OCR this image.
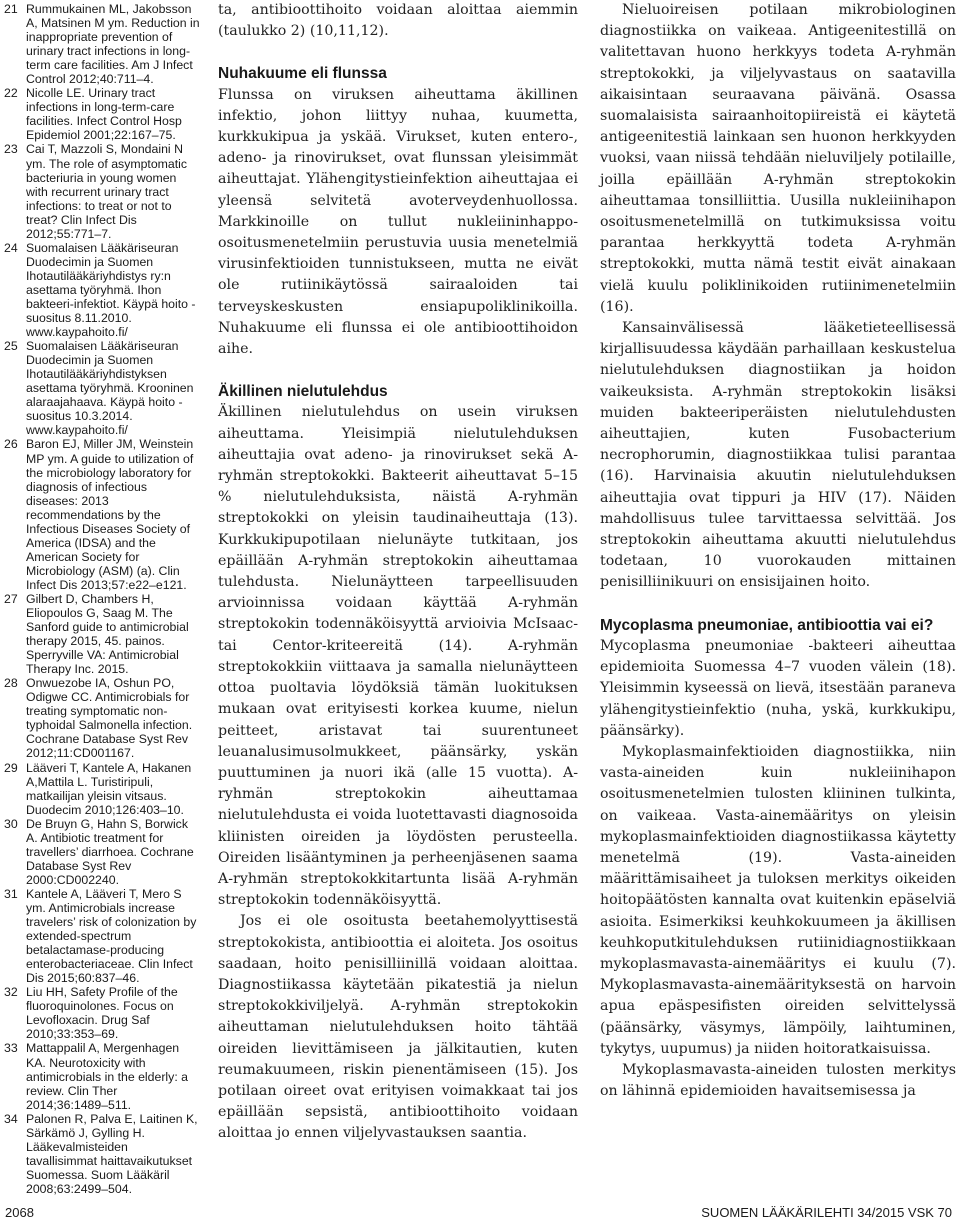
21 Rummukainen ML, Jakobsson A, Matsinen M ym. Reduction in inappropriate prevention of urinary tract infections in long-term care facilities. Am J Infect Control 2012;40:711–4.

22 Nicolle LE. Urinary tract infections in long-term-care facilities. Infect Control Hosp Epidemiol 2001;22:167–75.

23 Cai T, Mazzoli S, Mondaini N ym. The role of asymptomatic bacteriuria in young women with recurrent urinary tract infections: to treat or not to treat? Clin Infect Dis 2012;55:771–7.

24 Suomalaisen Lääkäriseuran Duodecimin ja Suomen Ihotautilääkäriyhdistys ry:n asettama työryhmä. Ihon bakteeri-infektiot. Käypä hoito -suositus 8.11.2010. www.kaypahoito.fi/

25 Suomalaisen Lääkäriseuran Duodecimin ja Suomen Ihotautilääkäriyhdistyksen asettama työryhmä. Krooninen alaraajahaava. Käypä hoito -suositus 10.3.2014. www.kaypahoito.fi/

26 Baron EJ, Miller JM, Weinstein MP ym. A guide to utilization of the microbiology laboratory for diagnosis of infectious diseases: 2013 recommendations by the Infectious Diseases Society of America (IDSA) and the American Society for Microbiology (ASM) (a). Clin Infect Dis 2013;57:e22–e121.

27 Gilbert D, Chambers H, Eliopoulos G, Saag M. The Sanford guide to antimicrobial therapy 2015, 45. painos. Sperryville VA: Antimicrobial Therapy Inc. 2015.

28 Onwuezobe IA, Oshun PO, Odigwe CC. Antimicrobials for treating symptomatic non-typhoidal Salmonella infection. Cochrane Database Syst Rev 2012;11:CD001167.

29 Lääveri T, Kantele A, Hakanen A,Mattila L. Turistiripuli, matkailijan yleisin vitsaus. Duodecim 2010;126:403–10.

30 De Bruyn G, Hahn S, Borwick A. Antibiotic treatment for travellers’ diarrhoea. Cochrane Database Syst Rev 2000:CD002240.

31 Kantele A, Lääveri T, Mero S ym. Antimicrobials increase travelers’ risk of colonization by extended-spectrum betalactamase-producing enterobacteriaceae. Clin Infect Dis 2015;60:837–46.

32 Liu HH, Safety Profile of the fluoroquinolones. Focus on Levofloxacin. Drug Saf 2010;33:353–69.

33 Mattappalil A, Mergenhagen KA. Neurotoxicity with antimicrobials in the elderly: a review. Clin Ther 2014;36:1489–511.

34 Palonen R, Palva E, Laitinen K, Särkämö J, Gylling H. Lääkevalmisteiden tavallisimmat haittavaikutukset Suomessa. Suom Lääkäril 2008;63:2499–504.

ta, antibioottihoito voidaan aloittaa aiemmin (taulukko 2) (10,11,12).

Nuhakuume eli flunssa

Flunssa on viruksen aiheuttama äkillinen infektio, johon liittyy nuhaa, kuumetta, kurkkukipua ja yskää. Virukset, kuten entero-, adeno- ja rinovirukset, ovat flunssan yleisimmät aiheuttajat. Ylähengitystieinfektion aiheuttajaa ei yleensä selvitetä avoterveydenhuollossa. Markkinoille on tullut nukleiininhappo-osoitusmenetelmiin perustuvia uusia menetelmiä virusinfektioiden tunnistukseen, mutta ne eivät ole rutiinikäytössä sairaaloiden tai terveyskeskusten ensiapupoliklinikoilla. Nuhakuume eli flunssa ei ole antibioottihoidon aihe.

Äkillinen nielutulehdus

Äkillinen nielutulehdus on usein viruksen aiheuttama. Yleisimpiä nielutulehduksen aiheuttajia ovat adeno- ja rinovirukset sekä A-ryhmän streptokokki. Bakteerit aiheuttavat 5–15 % nielutulehduksista, näistä A-ryhmän streptokokki on yleisin taudinaiheuttaja (13). Kurkkukipupotilaan nielunäyte tutkitaan, jos epäillään A-ryhmän streptokokin aiheuttamaa tulehdusta. Nielunäytteen tarpeellisuuden arvioinnissa voidaan käyttää A-ryhmän streptokokin todennäköisyyttä arvioivia McIsaac- tai Centor-kriteereitä (14). A-ryhmän streptokokkiin viittaava ja samalla nielunäytteen ottoa puoltavia löydöksiä tämän luokituksen mukaan ovat erityisesti korkea kuume, nielun peitteet, aristavat tai suurentuneet leuanalusimusolmukkeet, päänsärky, yskän puuttuminen ja nuori ikä (alle 15 vuotta). A-ryhmän streptokokin aiheuttamaa nielutulehdusta ei voida luotettavasti diagnosoida kliinisten oireiden ja löydösten perusteella. Oireiden lisääntyminen ja perheenjäsenen saama A-ryhmän streptokokkitartunta lisää A-ryhmän streptokokin todennäköisyyttä.

Jos ei ole osoitusta beetahemolyyttisestä streptokokista, antibioottia ei aloiteta. Jos osoitus saadaan, hoito penisilliinillä voidaan aloittaa. Diagnostiikassa käytetään pikatestiä ja nielun streptokokkiviljelyä. A-ryhmän streptokokin aiheuttaman nielutulehduksen hoito tähtää oireiden lievittämiseen ja jälkitautien, kuten reumakuumeen, riskin pienentämiseen (15). Jos potilaan oireet ovat erityisen voimakkaat tai jos epäillään sepsistä, antibioottihoito voidaan aloittaa jo ennen viljelyvastauksen saantia.

Nieluoireisen potilaan mikrobiologinen diagnostiikka on vaikeaa. Antigeenitestillä on valitettavan huono herkkyys todeta A-ryhmän streptokokki, ja viljelyvastaus on saatavilla aikaisintaan seuraavana päivänä. Osassa suomalaisista sairaanhoitopiireistä ei käytetä antigeenitestiä lainkaan sen huonon herkkyyden vuoksi, vaan niissä tehdään nieluviljely potilaille, joilla epäillään A-ryhmän streptokokin aiheuttamaa tonsilliittia. Uusilla nukleiinihapon osoitusmenetelmillä on tutkimuksissa voitu parantaa herkkyyttä todeta A-ryhmän streptokokki, mutta nämä testit eivät ainakaan vielä kuulu poliklinikoiden rutiinimenetelmiin (16).

Kansainvälisessä lääketieteellisessä kirjallisuudessa käydään parhaillaan keskustelua nielutulehduksen diagnostiikan ja hoidon vaikeuksista. A-ryhmän streptokokin lisäksi muiden bakteeriperäisten nielutulehdusten aiheuttajien, kuten Fusobacterium necrophorumin, diagnostiikkaa tulisi parantaa (16). Harvinaisia akuutin nielutulehduksen aiheuttajia ovat tippuri ja HIV (17). Näiden mahdollisuus tulee tarvittaessa selvittää. Jos streptokokin aiheuttama akuutti nielutulehdus todetaan, 10 vuorokauden mittainen penisilliinikuuri on ensisijainen hoito.

Mycoplasma pneumoniae, antibioottia vai ei?

Mycoplasma pneumoniae -bakteeri aiheuttaa epidemioita Suomessa 4–7 vuoden välein (18). Yleisimmin kyseessä on lievä, itsestään paraneva ylähengitystieinfektio (nuha, yskä, kurkkukipu, päänsärky).

Mykoplasmainfektioiden diagnostiikka, niin vasta-aineiden kuin nukleiinihapon osoitusmenetelmien tulosten kliininen tulkinta, on vaikeaa. Vasta-ainemääritys on yleisin mykoplasmainfektioiden diagnostiikassa käytetty menetelmä (19). Vasta-aineiden määrittämisaiheet ja tuloksen merkitys oikeiden hoitopäätösten kannalta ovat kuitenkin epäselviä asioita. Esimerkiksi keuhkokuumeen ja äkillisen keuhkoputkitulehduksen rutiinidiagnostiikkaan mykoplasmavasta-ainemääritys ei kuulu (7). Mykoplasmavasta-ainemäärityksestä on harvoin apua epäspesifisten oireiden selvittelyssä (päänsärky, väsymys, lämpöily, laihtuminen, tykytys, uupumus) ja niiden hoitoratkaisuissa.

Mykoplasmavasta-aineiden tulosten merkitys on lähinnä epidemioiden havaitsemisessa ja

2068	SUOMEN LÄÄKÄRILEHTI 34/2015 VSK 70
